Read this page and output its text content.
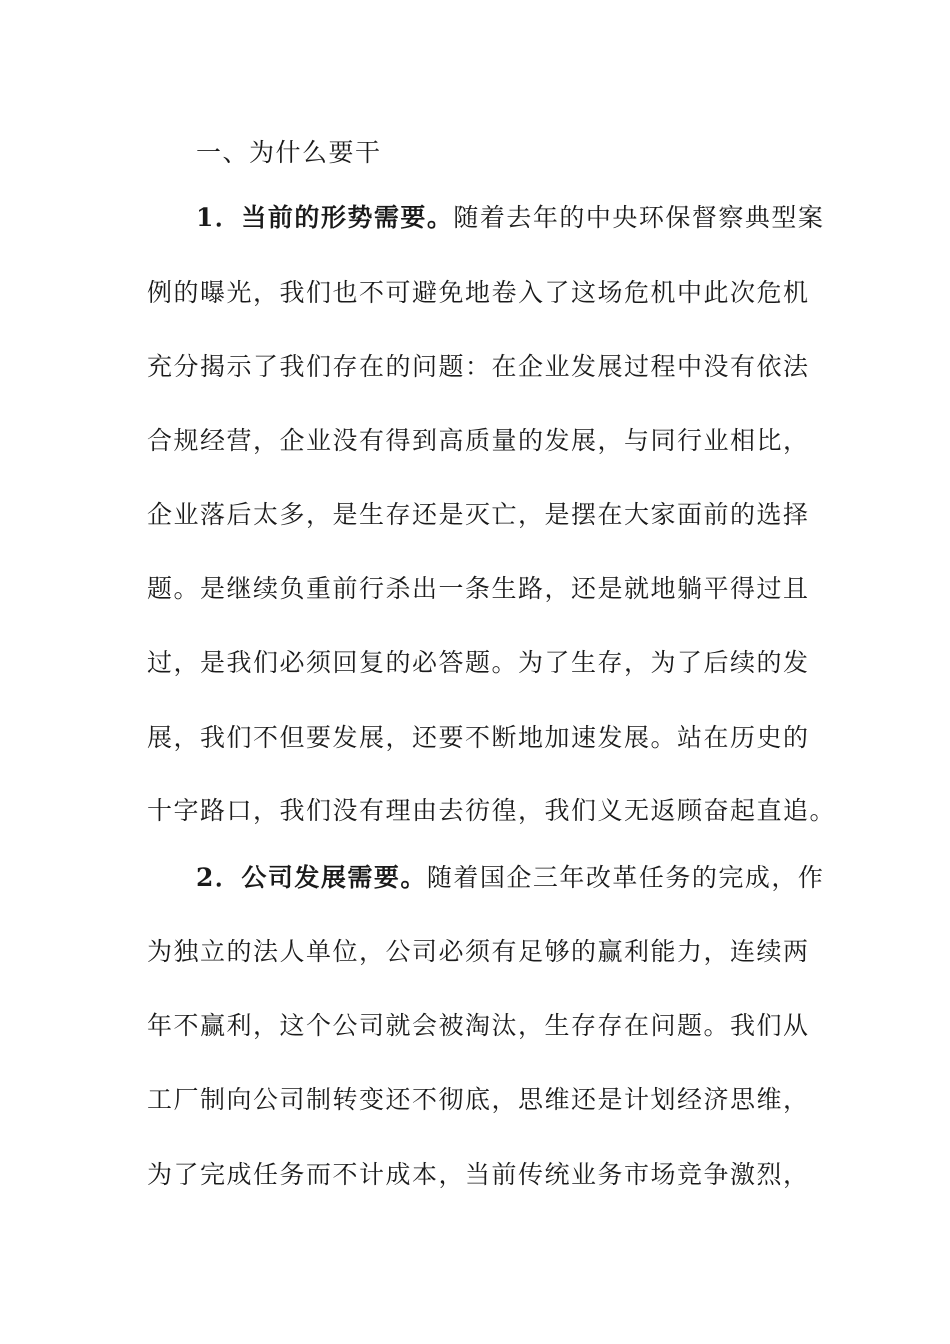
一、为什么要干
1．当前的形势需要。随着去年的中央环保督察典型案
例的曝光，我们也不可避免地卷入了这场危机中此次危机
充分揭示了我们存在的问题：在企业发展过程中没有依法
合规经营，企业没有得到高质量的发展，与同行业相比，
企业落后太多，是生存还是灭亡，是摆在大家面前的选择
题。是继续负重前行杀出一条生路，还是就地躺平得过且
过，是我们必须回复的必答题。为了生存，为了后续的发
展，我们不但要发展，还要不断地加速发展。站在历史的
十字路口，我们没有理由去彷徨，我们义无返顾奋起直追。
2．公司发展需要。随着国企三年改革任务的完成，作
为独立的法人单位，公司必须有足够的赢利能力，连续两
年不赢利，这个公司就会被淘汰，生存存在问题。我们从
工厂制向公司制转变还不彻底，思维还是计划经济思维，
为了完成任务而不计成本，当前传统业务市场竞争激烈，
